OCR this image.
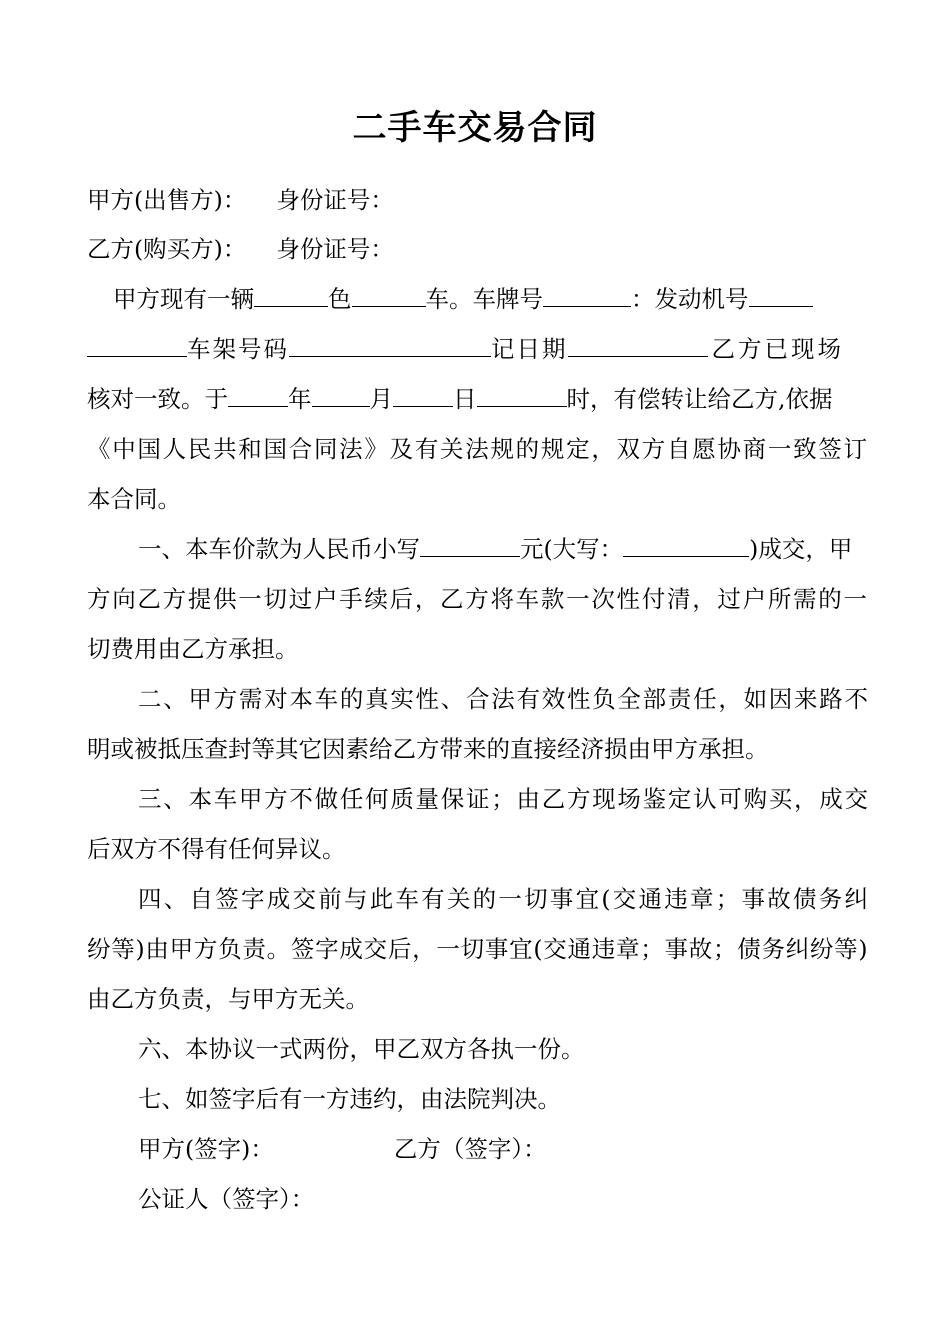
二手车交易合同
甲方(出售方)： 身份证号：
乙方(购买方)： 身份证号：
甲方现有一辆	色	车。车牌号	：发动机号
车架号码	记日期	乙方已现场
核对一致。于	年 月	日	时，有偿转让给乙方,依据
《中国人民共和国合同法》及有关法规的规定，双方自愿协商一致签订
本合同。
一、本车价款为人民币小写	元(大写：	)成交，甲
方向乙方提供一切过户手续后，乙方将车款一次性付清，过户所需的一
切费用由乙方承担。
二、甲方需对本车的真实性、合法有效性负全部责任，如因来路不
明或被抵压查封等其它因素给乙方带来的直接经济损由甲方承担。
三、本车甲方不做任何质量保证；由乙方现场鉴定认可购买，成交
后双方不得有任何异议。
四、自签字成交前与此车有关的一切事宜(交通违章；事故债务纠
纷等)由甲方负责。签字成交后，一切事宜(交通违章；事故；债务纠纷等)
由乙方负责，与甲方无关。
六、本协议一式两份，甲乙双方各执一份。
七、如签字后有一方违约，由法院判决。
甲方(签字)：	乙方（签字）：
公证人（签字）：
